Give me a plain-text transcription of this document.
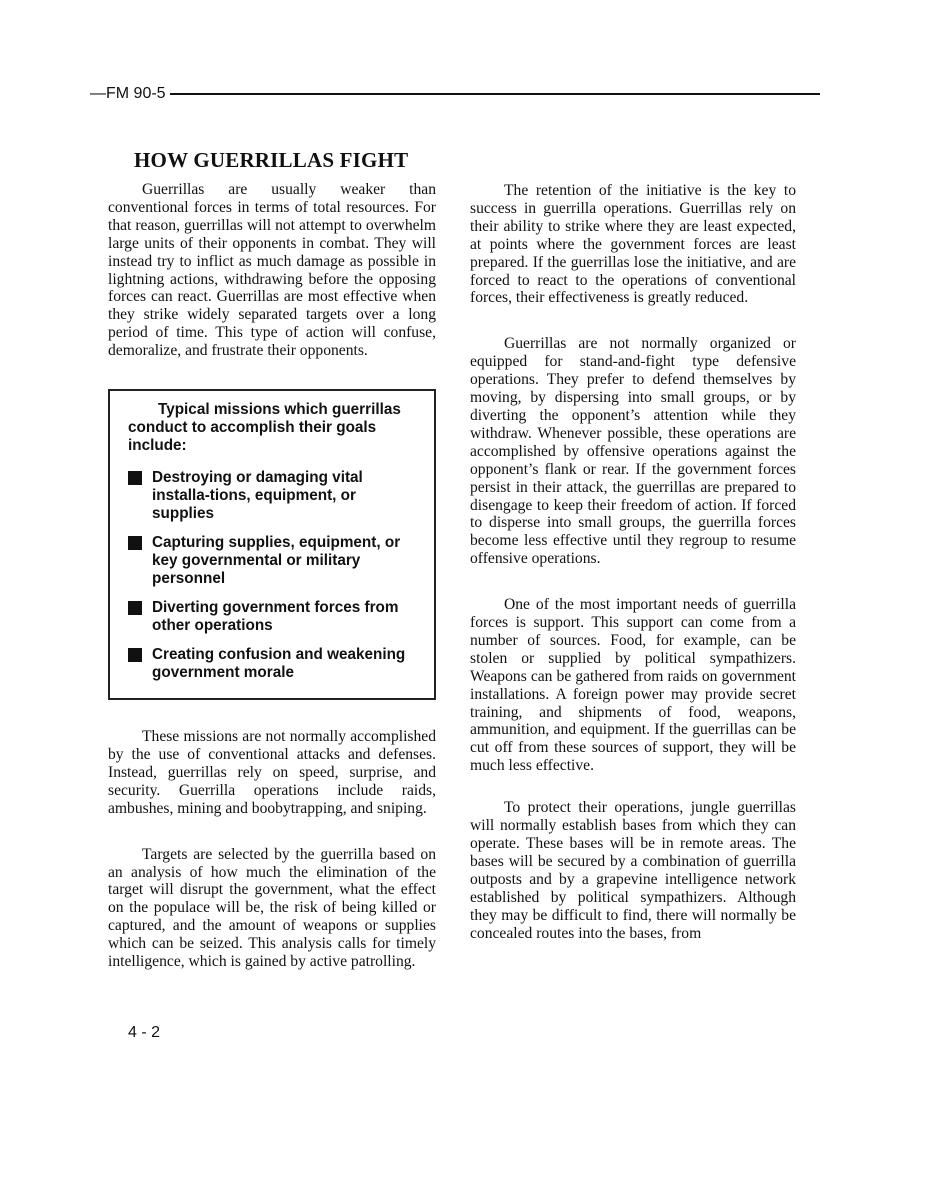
—FM 90-5
HOW GUERRILLAS FIGHT

Guerrillas are usually weaker than conventional forces in terms of total resources. For that reason, guerrillas will not attempt to overwhelm large units of their opponents in combat. They will instead try to inflict as much damage as possible in lightning actions, withdrawing before the opposing forces can react. Guerrillas are most effective when they strike widely separated targets over a long period of time. This type of action will confuse, demoralize, and frustrate their opponents.

Typical missions which guerrillas conduct to accomplish their goals include:
Destroying or damaging vital installa-tions, equipment, or supplies
Capturing supplies, equipment, or key governmental or military personnel
Diverting government forces from other operations
Creating confusion and weakening government morale

These missions are not normally accomplished by the use of conventional attacks and defenses. Instead, guerrillas rely on speed, surprise, and security. Guerrilla operations include raids, ambushes, mining and boobytrapping, and sniping.

Targets are selected by the guerrilla based on an analysis of how much the elimination of the target will disrupt the government, what the effect on the populace will be, the risk of being killed or captured, and the amount of weapons or supplies which can be seized. This analysis calls for timely intelligence, which is gained by active patrolling.

The retention of the initiative is the key to success in guerrilla operations. Guerrillas rely on their ability to strike where they are least expected, at points where the government forces are least prepared. If the guerrillas lose the initiative, and are forced to react to the operations of conventional forces, their effectiveness is greatly reduced.

Guerrillas are not normally organized or equipped for stand-and-fight type defensive operations. They prefer to defend themselves by moving, by dispersing into small groups, or by diverting the opponent’s attention while they withdraw. Whenever possible, these operations are accomplished by offensive operations against the opponent’s flank or rear. If the government forces persist in their attack, the guerrillas are prepared to disengage to keep their freedom of action. If forced to disperse into small groups, the guerrilla forces become less effective until they regroup to resume offensive operations.

One of the most important needs of guerrilla forces is support. This support can come from a number of sources. Food, for example, can be stolen or supplied by political sympathizers. Weapons can be gathered from raids on government installations. A foreign power may provide secret training, and shipments of food, weapons, ammunition, and equipment. If the guerrillas can be cut off from these sources of support, they will be much less effective.

To protect their operations, jungle guerrillas will normally establish bases from which they can operate. These bases will be in remote areas. The bases will be secured by a combination of guerrilla outposts and by a grapevine intelligence network established by political sympathizers. Although they may be difficult to find, there will normally be concealed routes into the bases, from

4 - 2
